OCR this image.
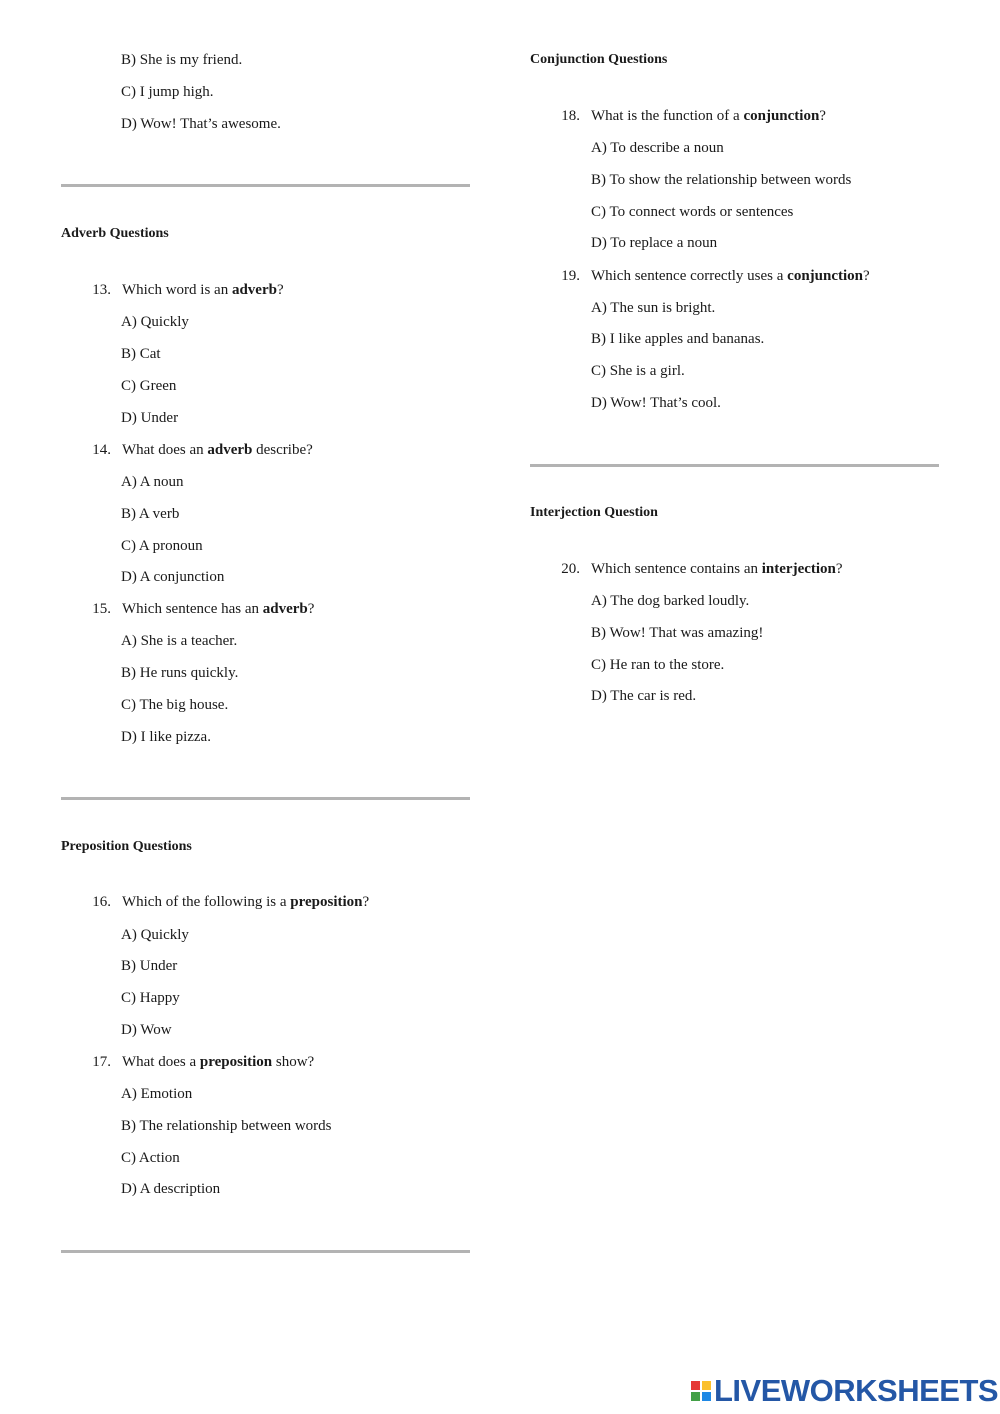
B) She is my friend.
C) I jump high.
D) Wow! That’s awesome.
Adverb Questions
13. Which word is an adverb?
A) Quickly
B) Cat
C) Green
D) Under
14. What does an adverb describe?
A) A noun
B) A verb
C) A pronoun
D) A conjunction
15. Which sentence has an adverb?
A) She is a teacher.
B) He runs quickly.
C) The big house.
D) I like pizza.
Preposition Questions
16. Which of the following is a preposition?
A) Quickly
B) Under
C) Happy
D) Wow
17. What does a preposition show?
A) Emotion
B) The relationship between words
C) Action
D) A description
Conjunction Questions
18. What is the function of a conjunction?
A) To describe a noun
B) To show the relationship between words
C) To connect words or sentences
D) To replace a noun
19. Which sentence correctly uses a conjunction?
A) The sun is bright.
B) I like apples and bananas.
C) She is a girl.
D) Wow! That’s cool.
Interjection Question
20. Which sentence contains an interjection?
A) The dog barked loudly.
B) Wow! That was amazing!
C) He ran to the store.
D) The car is red.
LIVEWORKSHEETS
